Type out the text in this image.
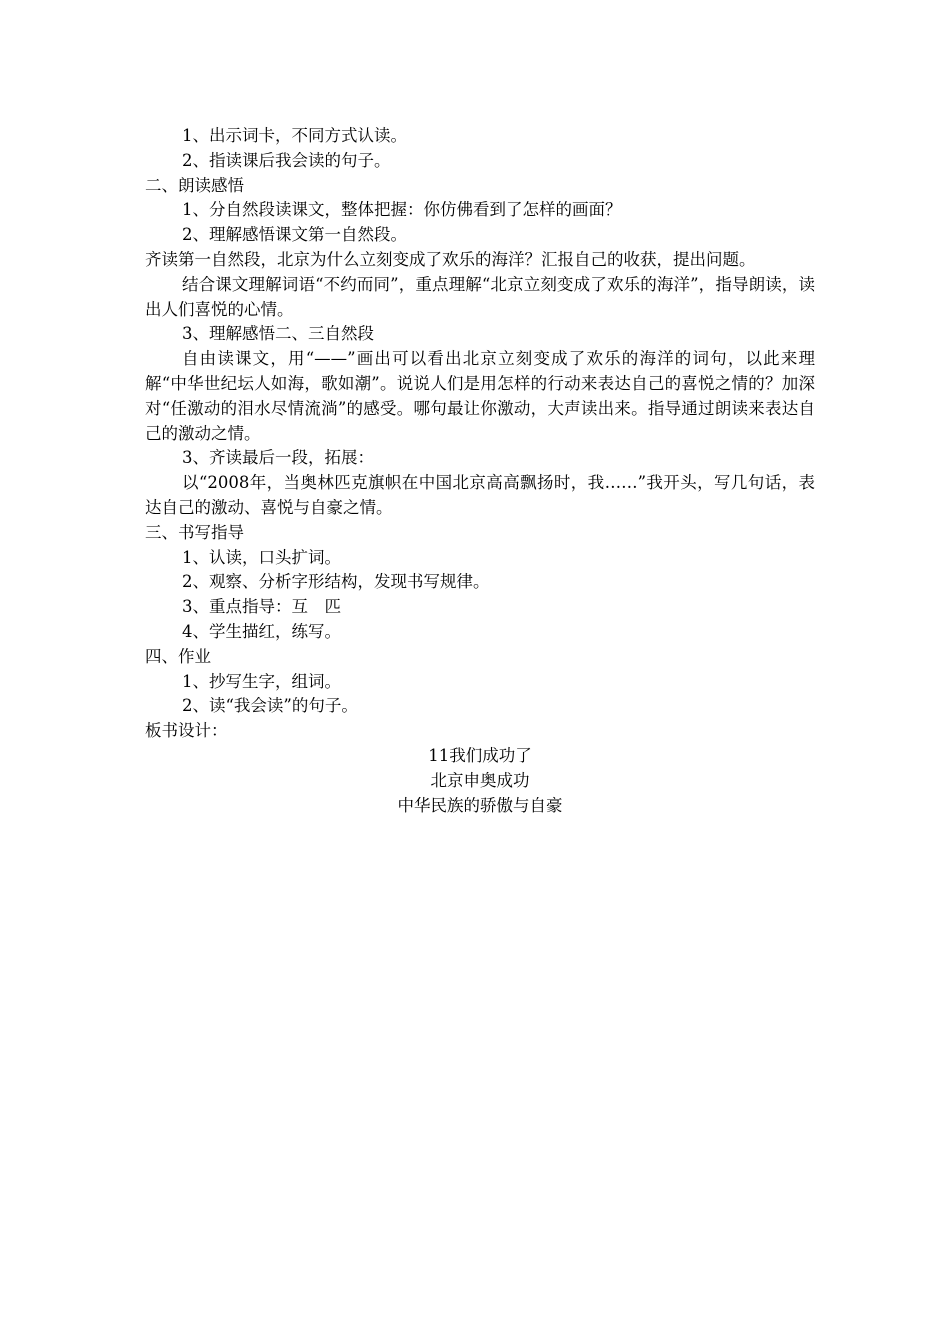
1、出示词卡，不同方式认读。
2、指读课后我会读的句子。
二、朗读感悟
1、分自然段读课文，整体把握：你仿佛看到了怎样的画面？
2、理解感悟课文第一自然段。
齐读第一自然段，北京为什么立刻变成了欢乐的海洋？汇报自己的收获，提出问题。
结合课文理解词语“不约而同”，重点理解“北京立刻变成了欢乐的海洋”，指导朗读，读出人们喜悦的心情。
3、理解感悟二、三自然段
自由读课文，用“——”画出可以看出北京立刻变成了欢乐的海洋的词句，以此来理解“中华世纪坛人如海，歌如潮”。说说人们是用怎样的行动来表达自己的喜悦之情的？加深对“任激动的泪水尽情流淌”的感受。哪句最让你激动，大声读出来。指导通过朗读来表达自己的激动之情。
3、齐读最后一段，拓展：
以“2008年，当奥林匹克旗帜在中国北京高高飘扬时，我……”我开头，写几句话，表达自己的激动、喜悦与自豪之情。
三、书写指导
1、认读，口头扩词。
2、观察、分析字形结构，发现书写规律。
3、重点指导：互　匹
4、学生描红，练写。
四、作业
1、抄写生字，组词。
2、读“我会读”的句子。
板书设计：
11我们成功了
北京申奥成功
中华民族的骄傲与自豪
